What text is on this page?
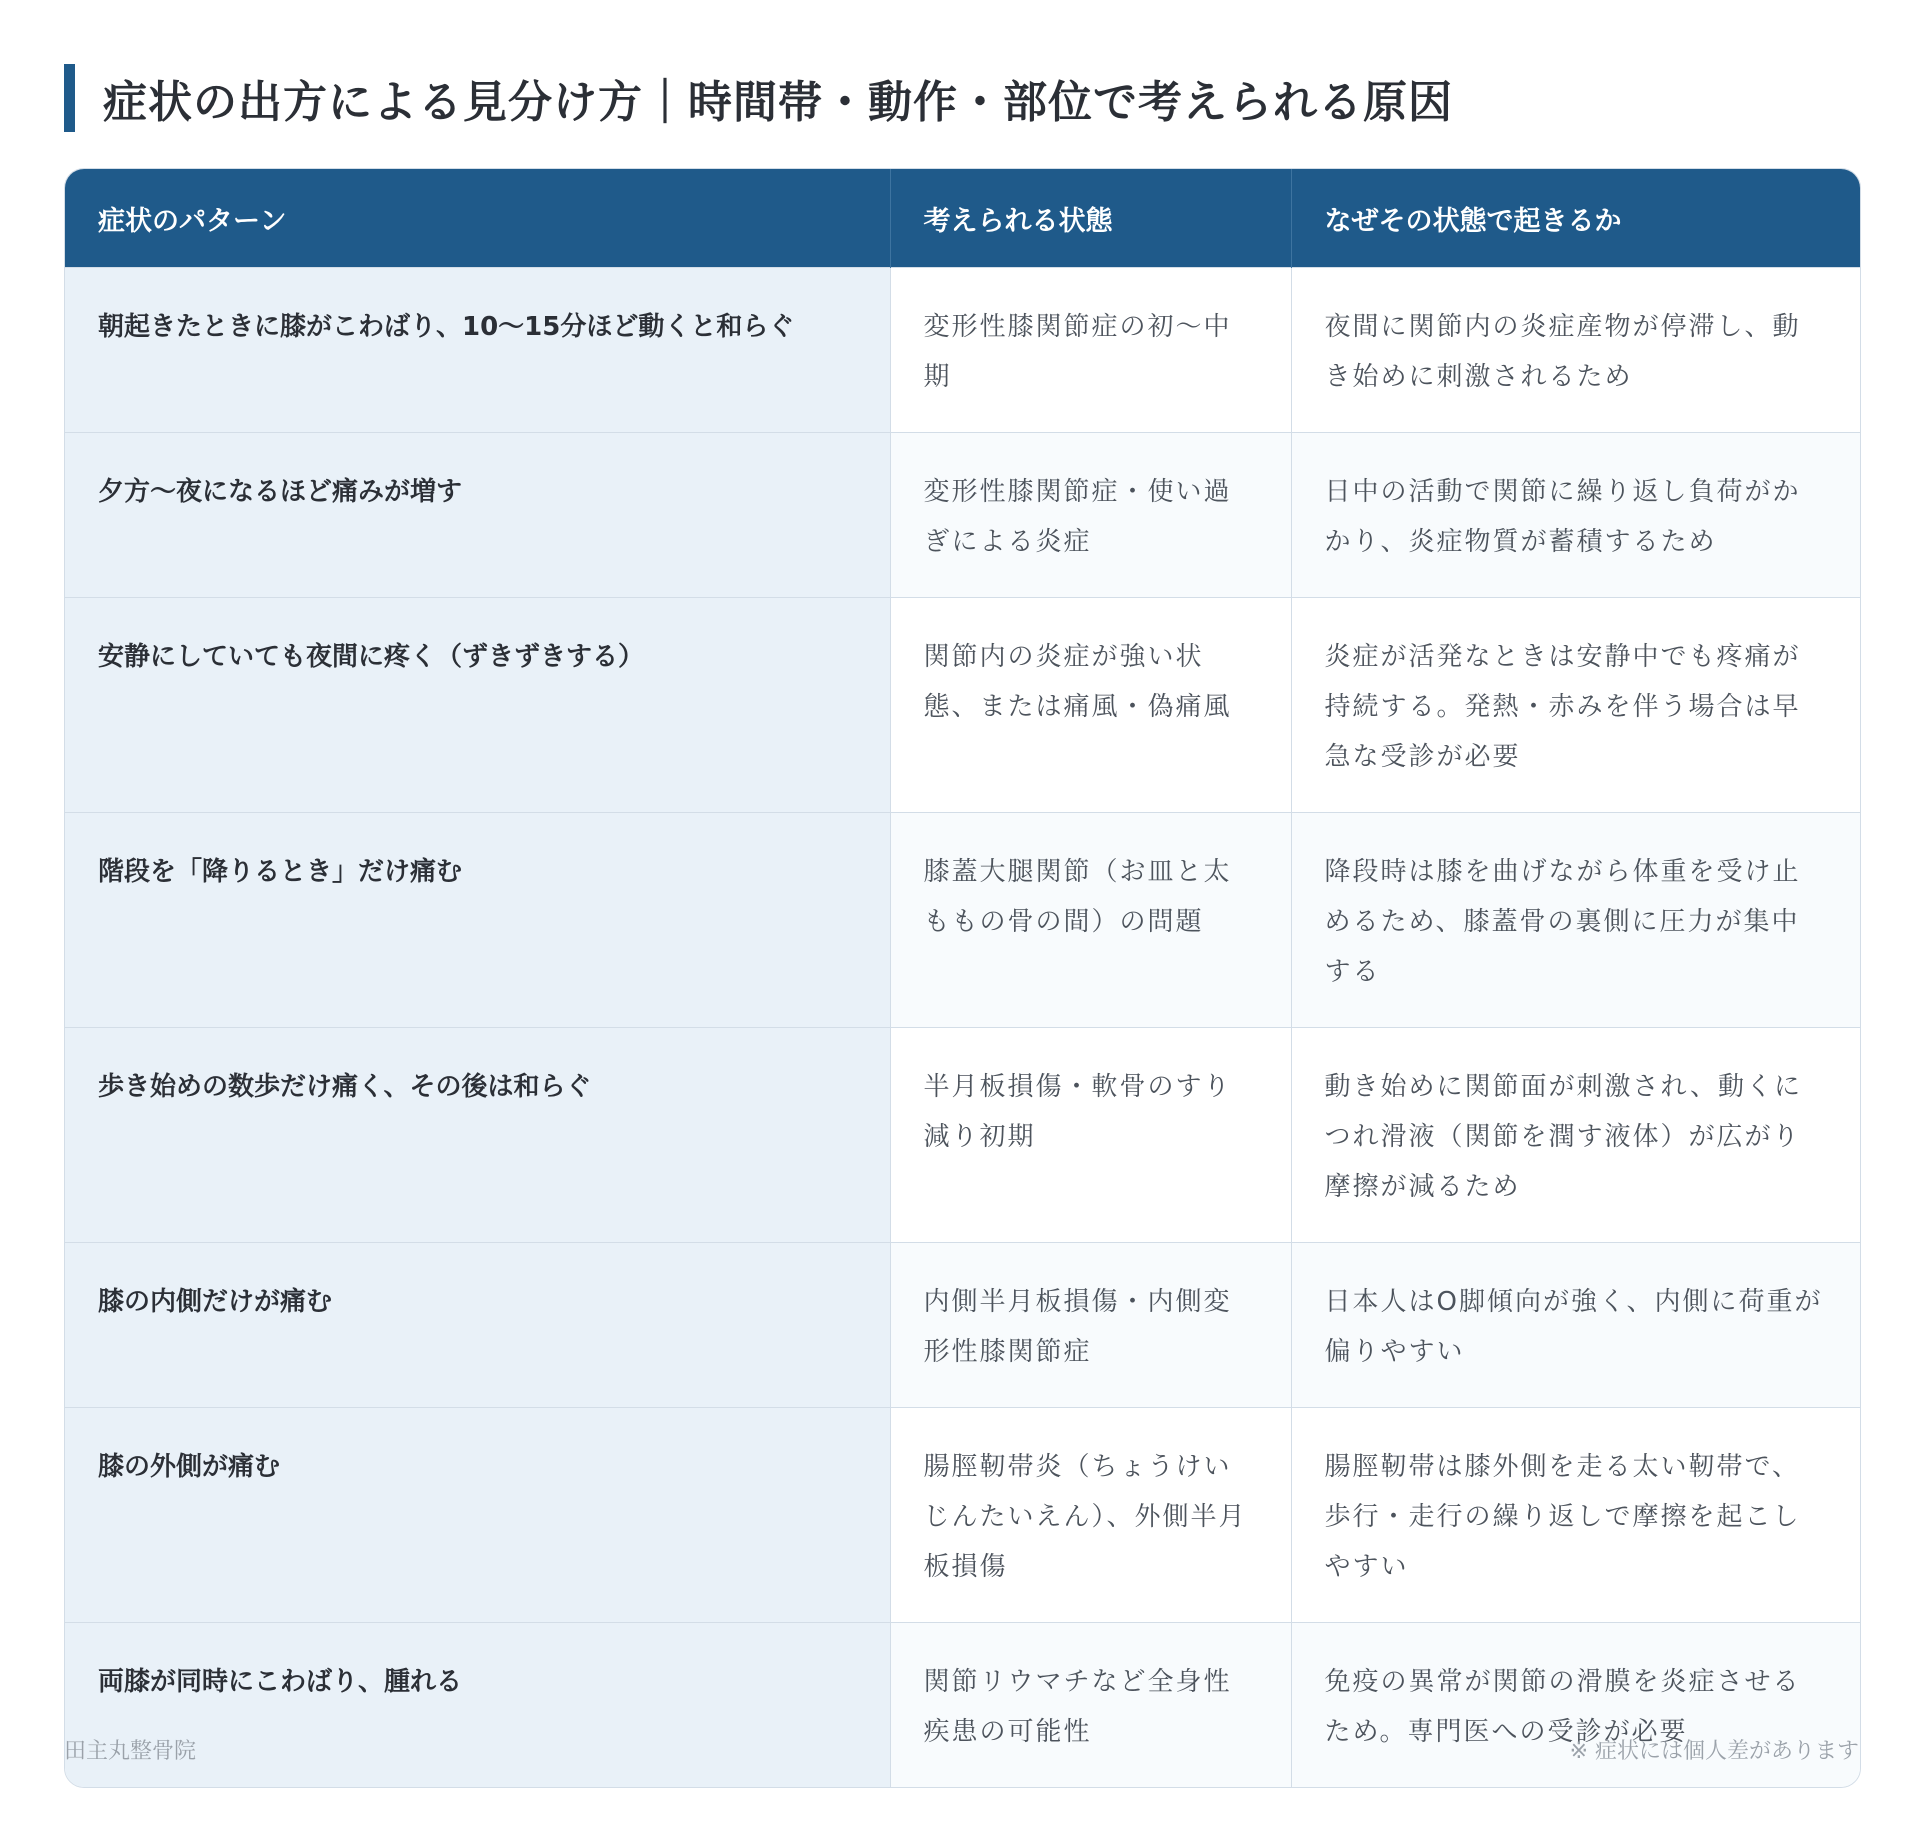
症状の出方による見分け方｜時間帯・動作・部位で考えられる原因
症状のパターン	考えられる状態	なぜその状態で起きるか
朝起きたときに膝がこわばり、10〜15分ほど動くと和らぐ	変形性膝関節症の初〜中期	夜間に関節内の炎症産物が停滞し、動き始めに刺激されるため
夕方〜夜になるほど痛みが増す	変形性膝関節症・使い過ぎによる炎症	日中の活動で関節に繰り返し負荷がかかり、炎症物質が蓄積するため
安静にしていても夜間に疼く（ずきずきする）	関節内の炎症が強い状態、または痛風・偽痛風	炎症が活発なときは安静中でも疼痛が持続する。発熱・赤みを伴う場合は早急な受診が必要
階段を「降りるとき」だけ痛む	膝蓋大腿関節（お皿と太ももの骨の間）の問題	降段時は膝を曲げながら体重を受け止めるため、膝蓋骨の裏側に圧力が集中する
歩き始めの数歩だけ痛く、その後は和らぐ	半月板損傷・軟骨のすり減り初期	動き始めに関節面が刺激され、動くにつれ滑液（関節を潤す液体）が広がり摩擦が減るため
膝の内側だけが痛む	内側半月板損傷・内側変形性膝関節症	日本人はO脚傾向が強く、内側に荷重が偏りやすい
膝の外側が痛む	腸脛靭帯炎（ちょうけいじんたいえん）、外側半月板損傷	腸脛靭帯は膝外側を走る太い靭帯で、歩行・走行の繰り返しで摩擦を起こしやすい
両膝が同時にこわばり、腫れる	関節リウマチなど全身性疾患の可能性	免疫の異常が関節の滑膜を炎症させるため。専門医への受診が必要
田主丸整骨院	※ 症状には個人差があります
